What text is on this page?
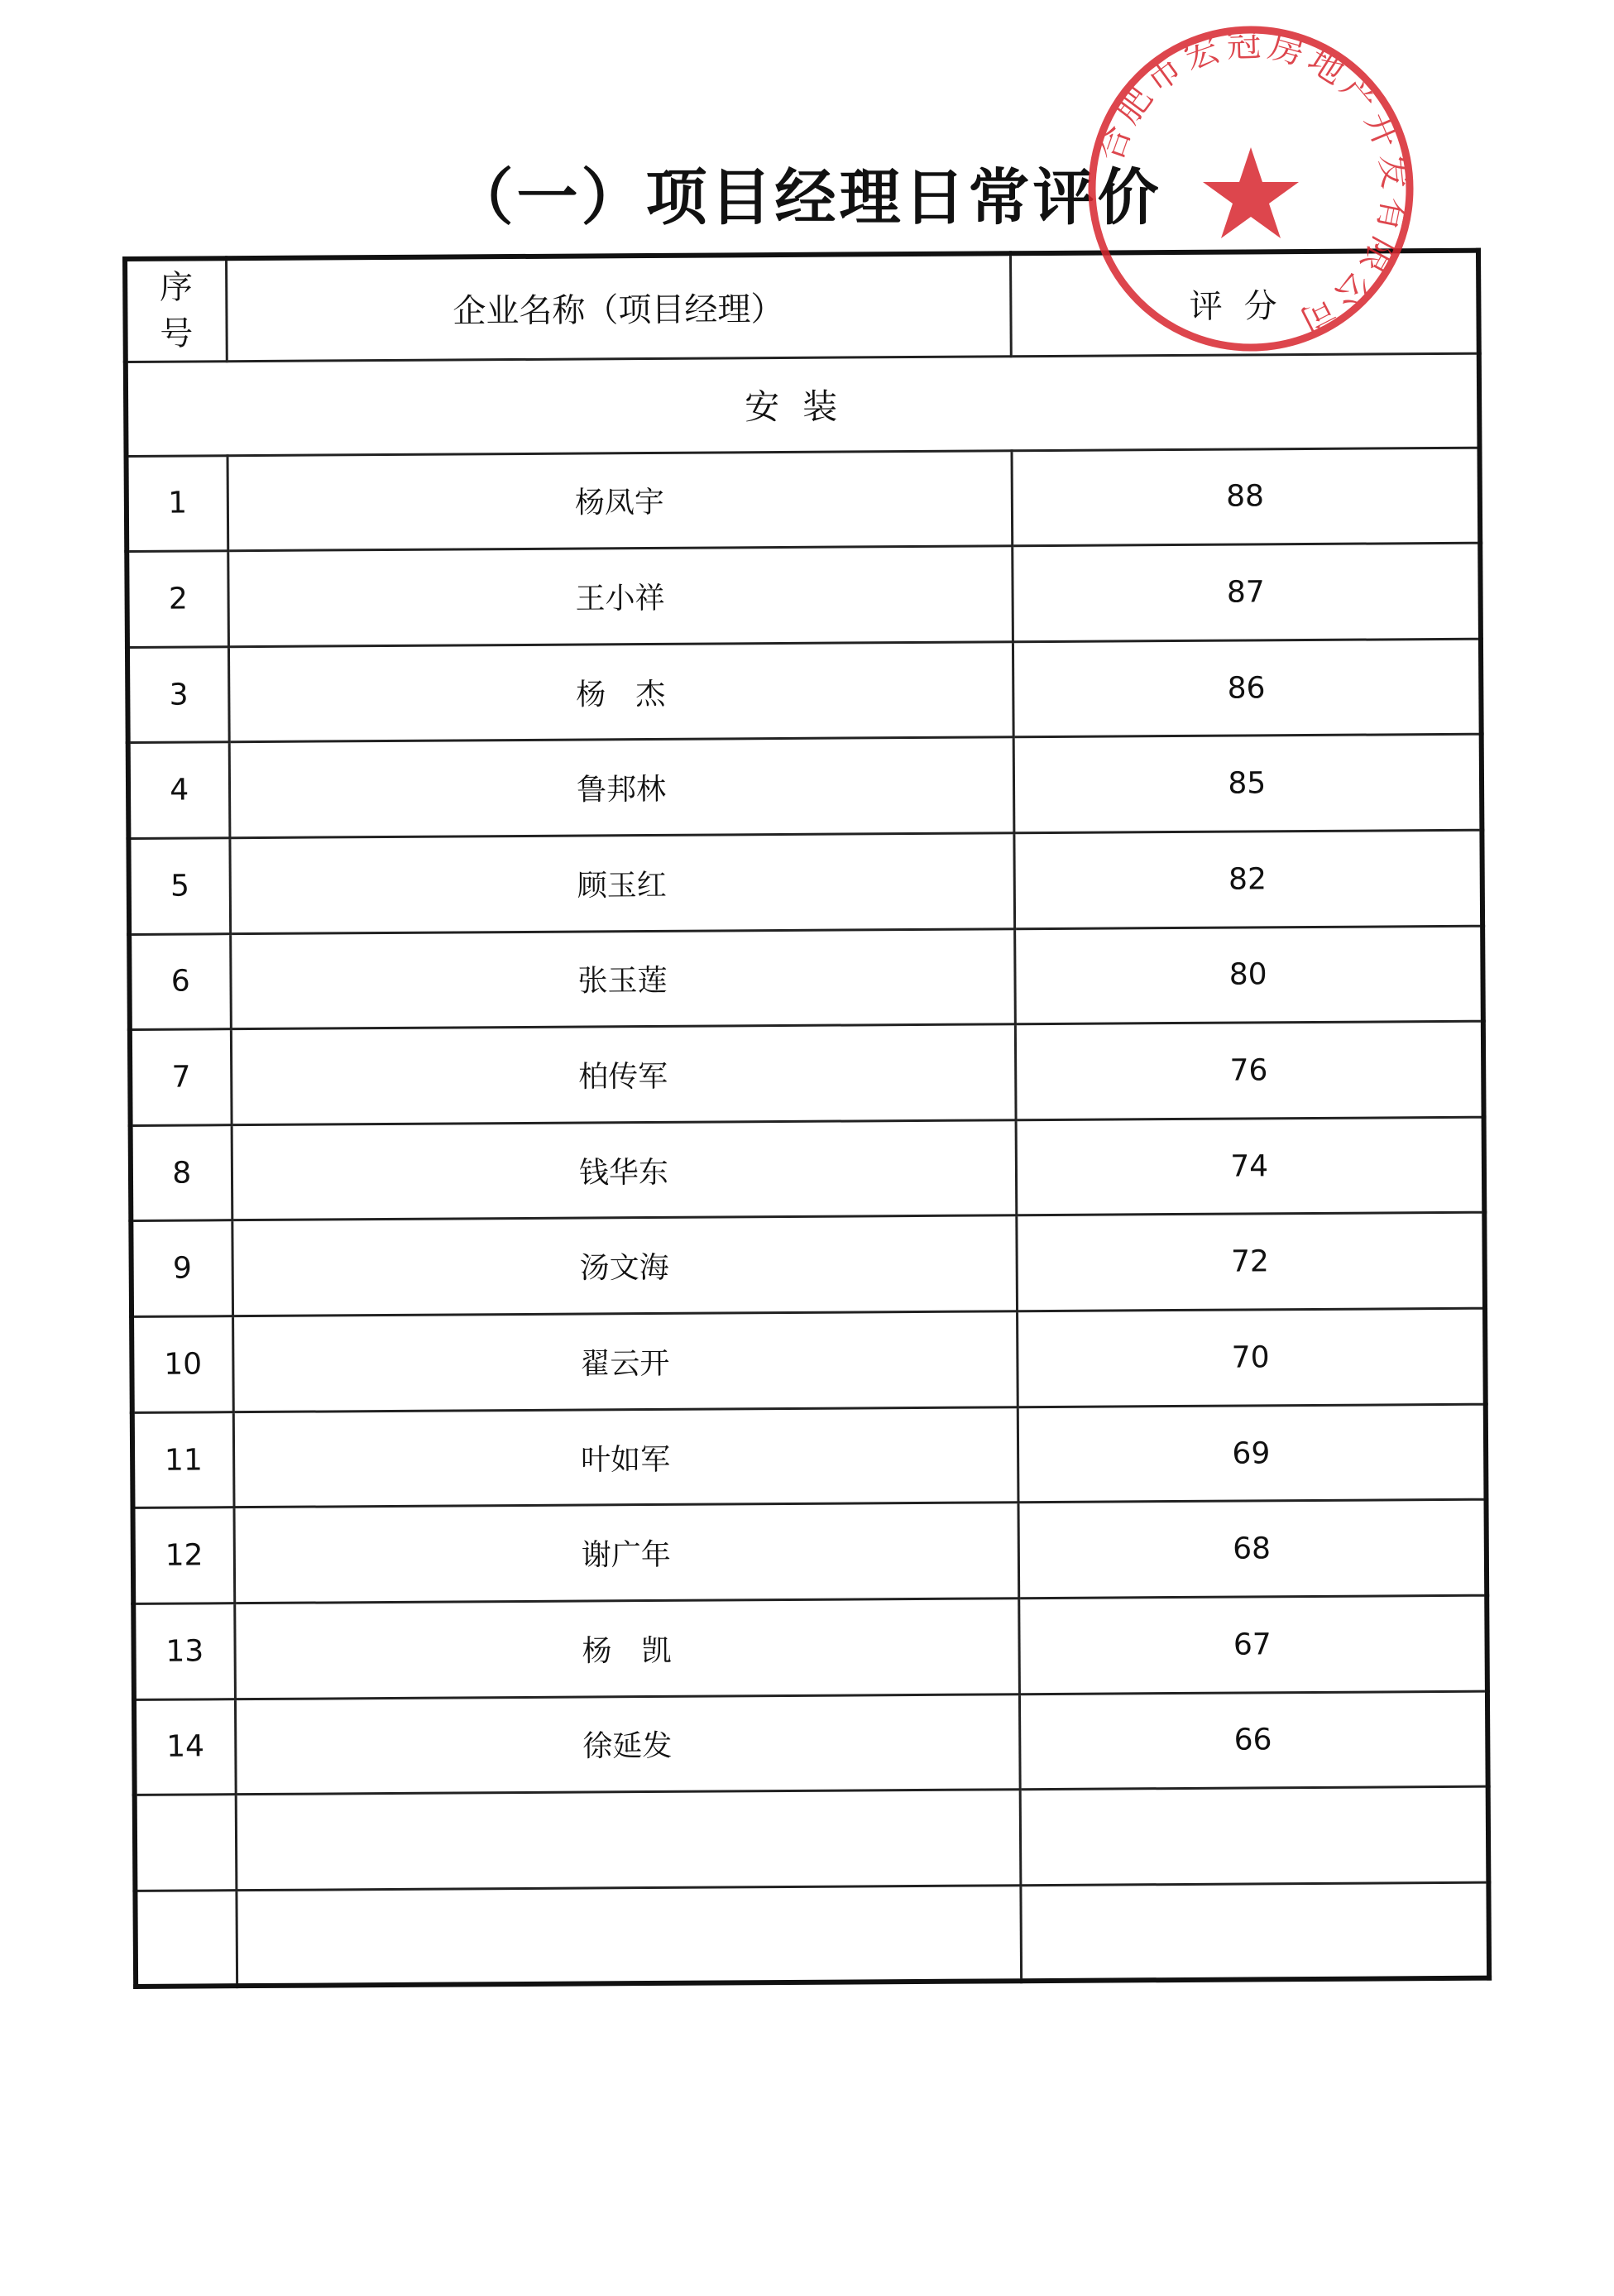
（一）项目经理日常评价
序
号	企业名称（项目经理）	评分
安装		
1	杨凤宇	88
2	王小祥	87
3	杨　杰	86
4	鲁邦林	85
5	顾玉红	82
6	张玉莲	80
7	柏传军	76
8	钱华东	74
9	汤文海	72
10	翟云开	70
11	叶如军	69
12	谢广年	68
13	杨　凯	67
14	徐延发	66

合肥市宏冠房地产开发有限公司
